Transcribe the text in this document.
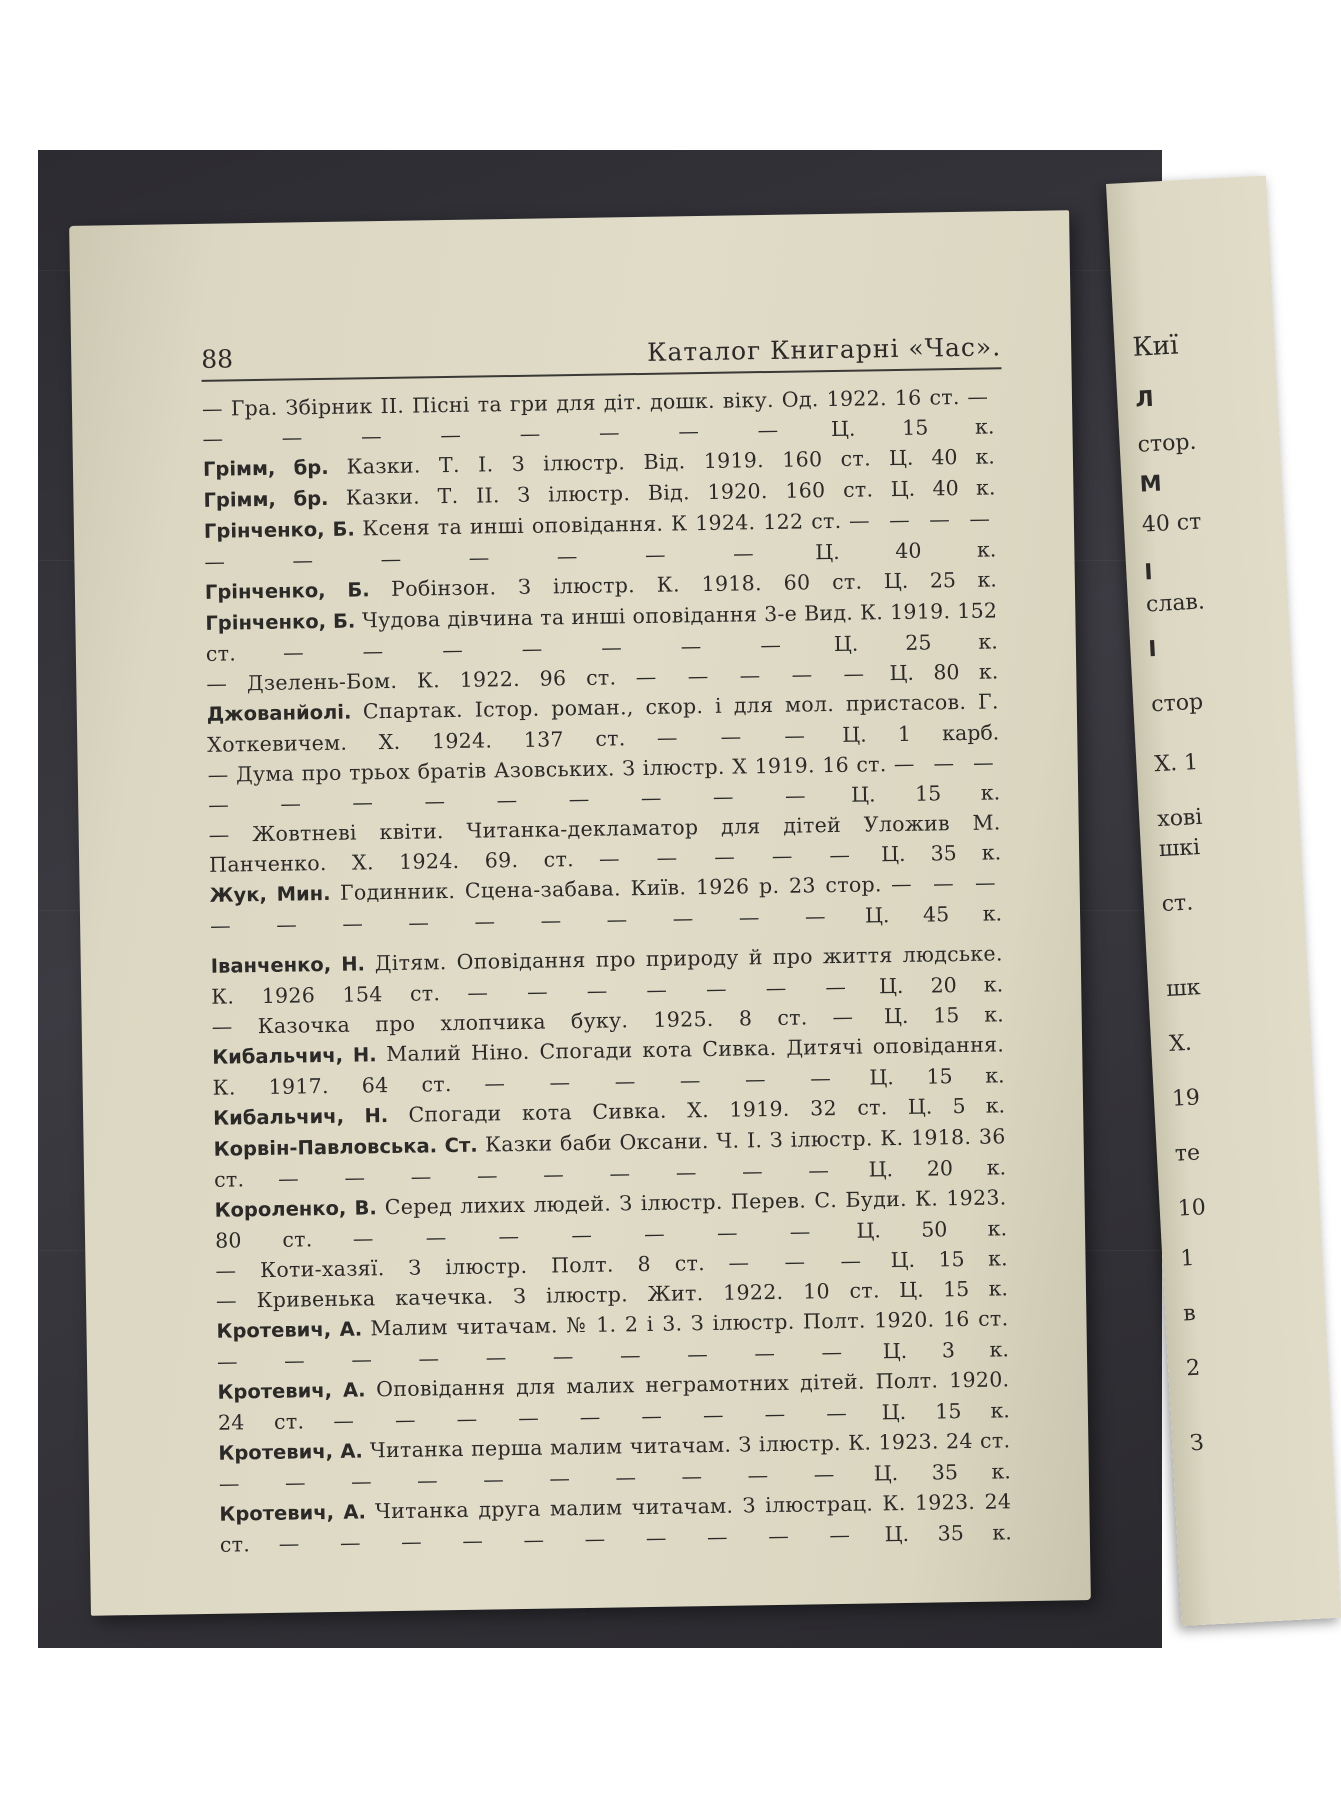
88	Каталог Книгарні «Час».

— Гра. Збірник II. Пісні та гри для діт. дошк. віку. Од. 1922. 16 ст. — — — — — — — — — Ц. 15 к.

Грімм, бр. Казки. Т. І. З ілюстр. Від. 1919. 160 ст. Ц. 40 к.

Грімм, бр. Казки. Т. II. З ілюстр. Від. 1920. 160 ст. Ц. 40 к.

Грінченко, Б. Ксеня та инші оповідання. К 1924. 122 ст. — — — — — — — — — — —	Ц. 40 к.

Грінченко, Б. Робінзон. З ілюстр. К. 1918. 60 ст. Ц. 25 к.

Грінченко, Б. Чудова дівчина та инші оповідання 3-е Вид. К. 1919. 152 ст. — — — — — — — Ц. 25 к.

— Дзелень-Бом. К. 1922. 96 ст. — — — — — Ц. 80 к.

Джованйолі. Спартак. Істор. роман., скор. і для мол. пристасов. Г. Хоткевичем. Х. 1924. 137 ст. — — — Ц. 1 карб.

— Дума про трьох братів Азовських. З ілюстр. Х 1919. 16 ст. — — — — — — — — — — — — Ц. 15 к.

— Жовтневі квіти. Читанка-декламатор для дітей Уложив М. Панченко. Х. 1924. 69. ст. — — — — — Ц. 35 к.

Жук, Мин. Годинник. Сцена-забава. Київ. 1926 р. 23 стор. — — — — — — — — — — — — — Ц. 45 к.

Іванченко, Н. Дітям. Оповідання про природу й про життя людське. К. 1926 154 ст. — — — — — — — Ц. 20 к.

— Казочка про хлопчика буку. 1925. 8 ст. — Ц. 15 к.

Кибальчич, Н. Малий Ніно. Спогади кота Сивка. Дитячі оповідання. К. 1917. 64 ст. — — — — — — Ц. 15 к.

Кибальчич, Н. Спогади кота Сивка. Х. 1919. 32 ст. Ц. 5 к.

Корвін-Павловська. Ст. Казки баби Оксани. Ч. І. З ілюстр. К. 1918. 36 ст. — — — — — — — — — Ц. 20 к.

Короленко, В. Серед лихих людей. З ілюстр. Перев. С. Буди. К. 1923. 80 ст. — — — — — — — Ц. 50 к.

— Коти-хазяї. З ілюстр. Полт. 8 ст. — — — Ц. 15 к.

— Кривенька качечка. З ілюстр. Жит. 1922. 10 ст. Ц. 15 к.

Кротевич, А. Малим читачам. № 1. 2 і 3. З ілюстр. Полт. 1920. 16 ст. — — — — — — — — — — Ц. 3 к.

Кротевич, А. Оповідання для малих неграмотних дітей. Полт. 1920. 24 ст. — — — — — — — — — Ц. 15 к.

Кротевич, А. Читанка перша малим читачам. З ілюстр. К. 1923. 24 ст. — — — — — — — — — — Ц. 35 к.

Кротевич, А. Читанка друга малим читачам. З ілюстрац. К. 1923. 24 ст. — — — — — — — — — — Ц. 35 к.

Киї
Л
стор.
М
40 ст
І
слав.
І
стор
Х. 1
хові
шкі
ст.
шк
Х.
19
те
10
1
в
2
З
